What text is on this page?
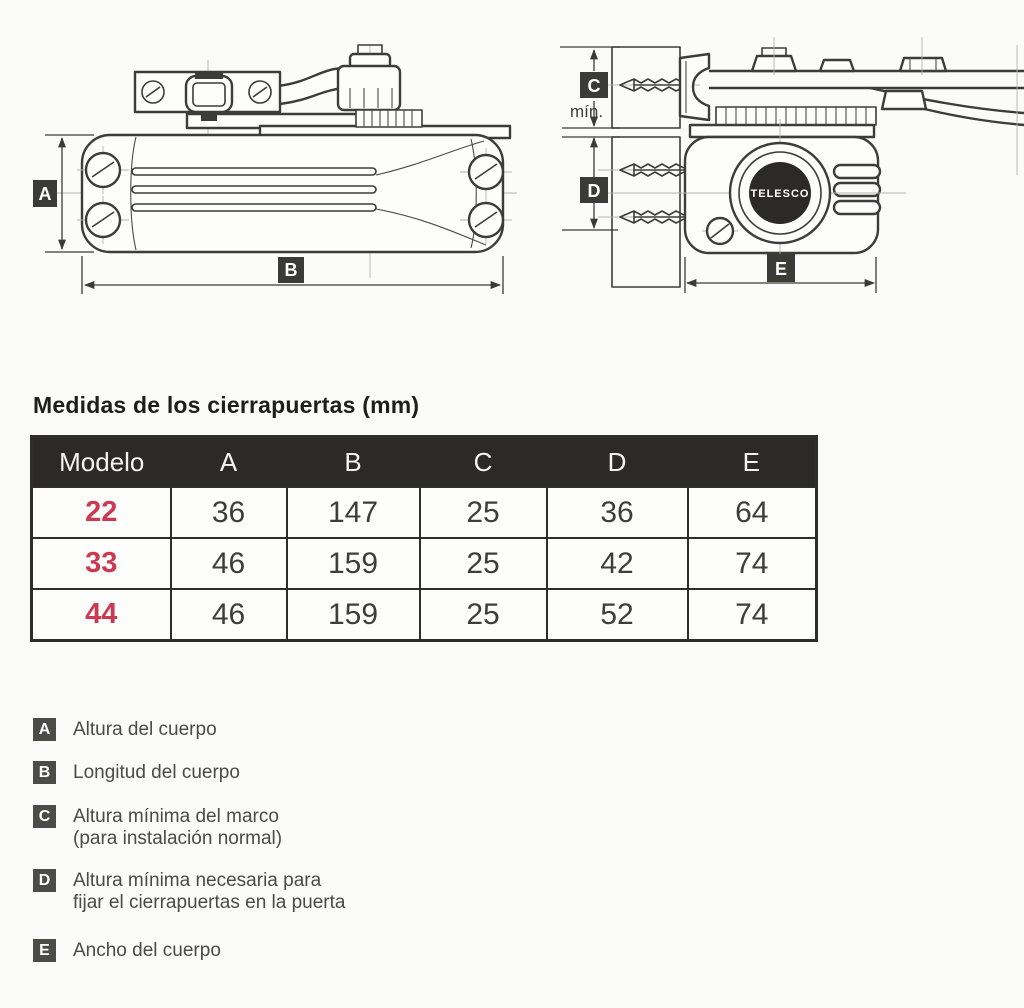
A
B
TELESCO
C
mín.
D
E
Medidas de los cierrapuertas (mm)
Modelo	A	B	C	D	E
22	36	147	25	36	64
33	46	159	25	42	74
44	46	159	25	52	74
A	Altura del cuerpo
B	Longitud del cuerpo
C	Altura mínima del marco
(para instalación normal)
D	Altura mínima necesaria para
fijar el cierrapuertas en la puerta
E	Ancho del cuerpo
